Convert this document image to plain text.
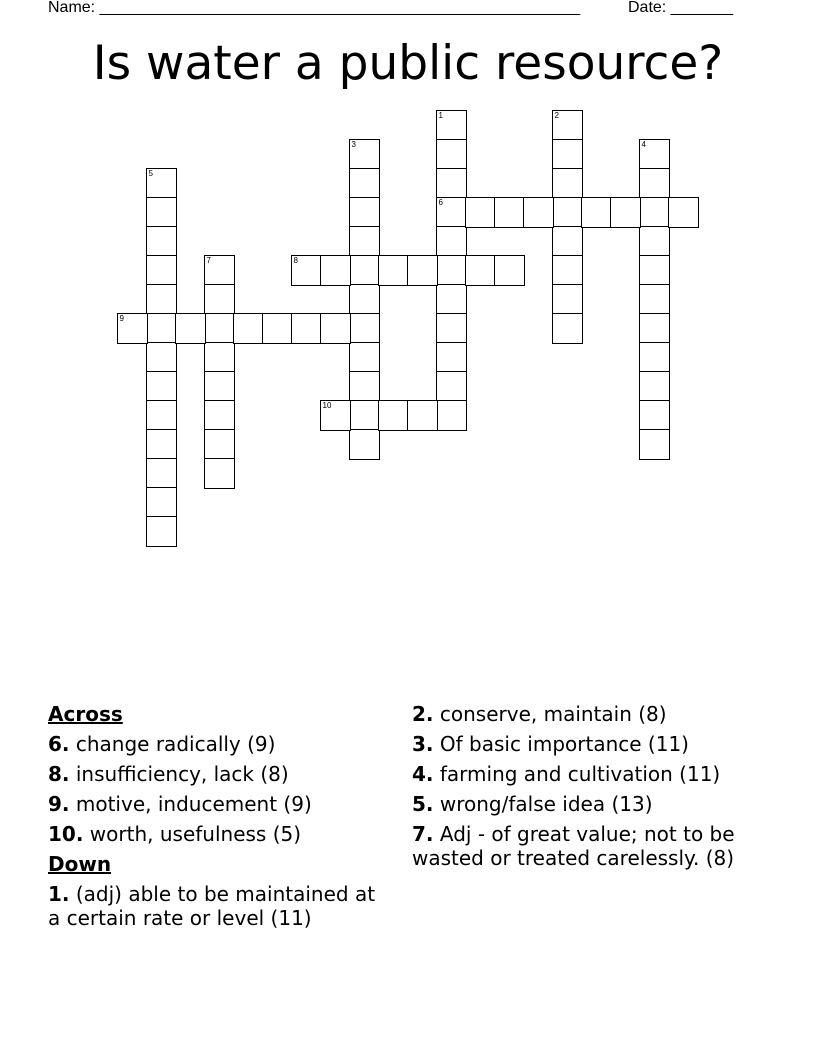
Name: ______________________________________________________	Date: _______
Is water a public resource?
1
6
2
3	4
5
7	8
9
10
Across
6. change radically (9)
8. insufficiency, lack (8)
9. motive, inducement (9)
10. worth, usefulness (5)
Down
1. (adj) able to be maintained at a certain rate or level (11)
2. conserve, maintain (8)
3. Of basic importance (11)
4. farming and cultivation (11)
5. wrong/false idea (13)
7. Adj - of great value; not to be wasted or treated carelessly. (8)
